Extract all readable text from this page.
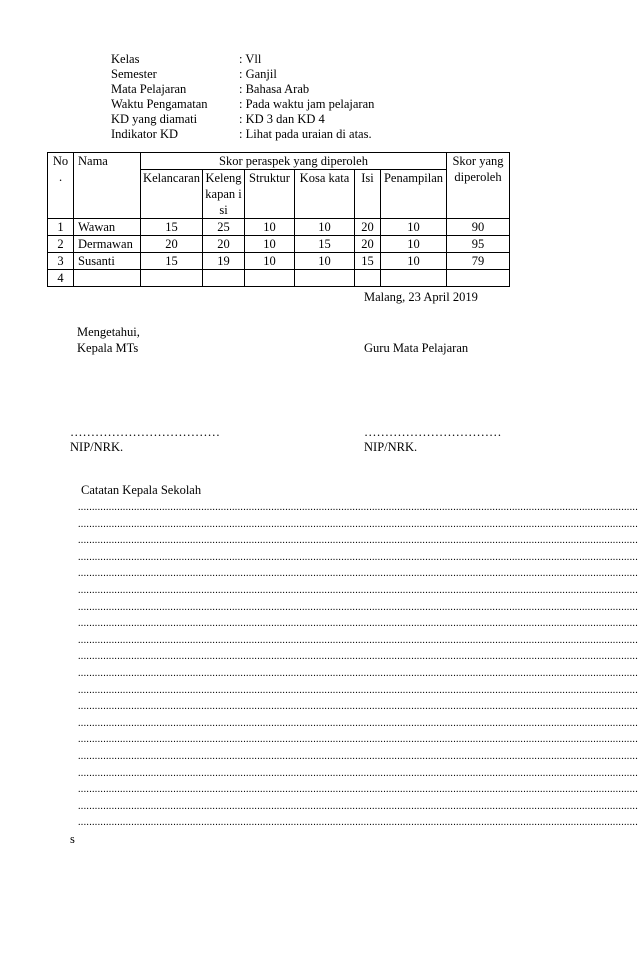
Kelas	: Vll
Semester	: Ganjil
Mata Pelajaran	: Bahasa Arab
Waktu Pengamatan	: Pada waktu jam pelajaran
KD yang diamati	: KD 3 dan KD 4
Indikator KD	: Lihat pada uraian di atas.
No .	Nama	Skor peraspek yang diperoleh						Skor yang diperoleh
		Kelancaran	Kelengkapan isi	Struktur	Kosa kata	Isi	Penampilan	
1	Wawan	15	25	10	10	20	10	90
2	Dermawan	20	20	10	15	20	10	95
3	Susanti	15	19	10	10	15	10	79
4								
Malang, 23 April 2019
Mengetahui,
Kepala MTs
………………………………
NIP/NRK.
Guru Mata Pelajaran
……………………………
NIP/NRK.
Catatan Kepala Sekolah
........................................................................................................................................................................................................
........................................................................................................................................................................................................
........................................................................................................................................................................................................
........................................................................................................................................................................................................
........................................................................................................................................................................................................
........................................................................................................................................................................................................
........................................................................................................................................................................................................
........................................................................................................................................................................................................
........................................................................................................................................................................................................
........................................................................................................................................................................................................
........................................................................................................................................................................................................
........................................................................................................................................................................................................
........................................................................................................................................................................................................
........................................................................................................................................................................................................
........................................................................................................................................................................................................
........................................................................................................................................................................................................
........................................................................................................................................................................................................
........................................................................................................................................................................................................
........................................................................................................................................................................................................
........................................................................................................................................................................................................
s
